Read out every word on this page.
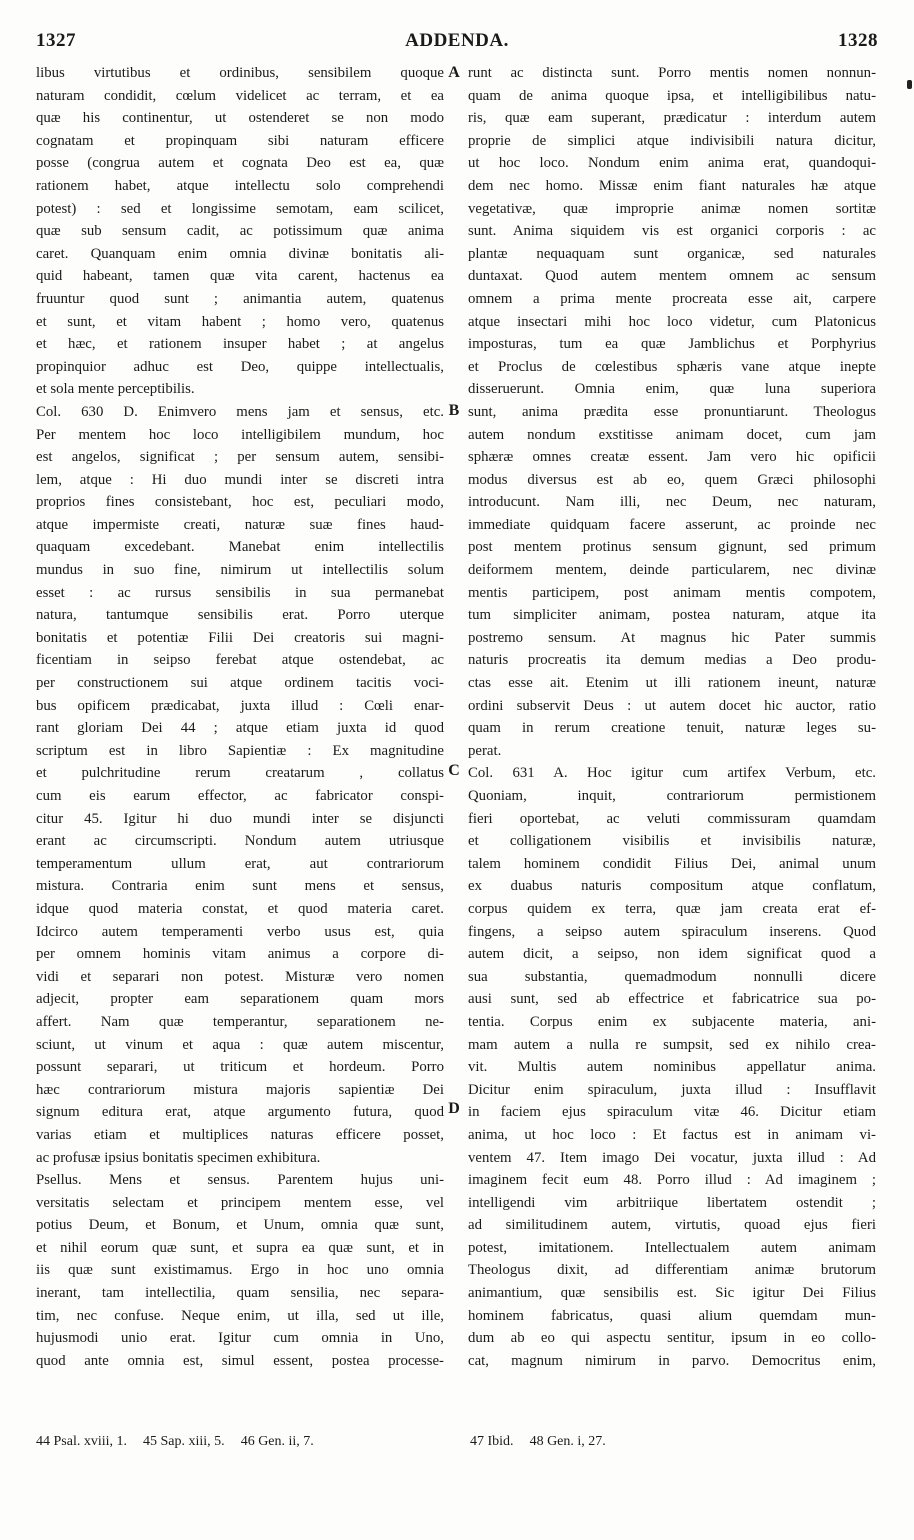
1327	ADDENDA.	1328
A
B
C
D
libus virtutibus et ordinibus, sensibilem quoque
naturam condidit, cœlum videlicet ac terram, et ea
quæ his continentur, ut ostenderet se non modo
cognatam et propinquam sibi naturam efficere
posse (congrua autem et cognata Deo est ea, quæ
rationem habet, atque intellectu solo comprehendi
potest) : sed et longissime semotam, eam scilicet,
quæ sub sensum cadit, ac potissimum quæ anima
caret. Quanquam enim omnia divinæ bonitatis ali-
quid habeant, tamen quæ vita carent, hactenus ea
fruuntur quod sunt ; animantia autem, quatenus
et sunt, et vitam habent ; homo vero, quatenus
et hæc, et rationem insuper habet ; at angelus
propinquior adhuc est Deo, quippe intellectualis,
et sola mente perceptibilis.
Col. 630 D. Enimvero mens jam et sensus, etc.
Per mentem hoc loco intelligibilem mundum, hoc
est angelos, significat ; per sensum autem, sensibi-
lem, atque : Hi duo mundi inter se discreti intra
proprios fines consistebant, hoc est, peculiari modo,
atque impermiste creati, naturæ suæ fines haud-
quaquam excedebant. Manebat enim intellectilis
mundus in suo fine, nimirum ut intellectilis solum
esset : ac rursus sensibilis in sua permanebat
natura, tantumque sensibilis erat. Porro uterque
bonitatis et potentiæ Filii Dei creatoris sui magni-
ficentiam in seipso ferebat atque ostendebat, ac
per constructionem sui atque ordinem tacitis voci-
bus opificem prædicabat, juxta illud : Cœli enar-
rant gloriam Dei 44 ; atque etiam juxta id quod
scriptum est in libro Sapientiæ : Ex magnitudine
et pulchritudine rerum creatarum , collatus
cum eis earum effector, ac fabricator conspi-
citur 45. Igitur hi duo mundi inter se disjuncti
erant ac circumscripti. Nondum autem utriusque
temperamentum ullum erat, aut contrariorum
mistura. Contraria enim sunt mens et sensus,
idque quod materia constat, et quod materia caret.
Idcirco autem temperamenti verbo usus est, quia
per omnem hominis vitam animus a corpore di-
vidi et separari non potest. Misturæ vero nomen
adjecit, propter eam separationem quam mors
affert. Nam quæ temperantur, separationem ne-
sciunt, ut vinum et aqua : quæ autem miscentur,
possunt separari, ut triticum et hordeum. Porro
hæc contrariorum mistura majoris sapientiæ Dei
signum editura erat, atque argumento futura, quod
varias etiam et multiplices naturas efficere posset,
ac profusæ ipsius bonitatis specimen exhibitura.
Psellus. Mens et sensus. Parentem hujus uni-
versitatis selectam et principem mentem esse, vel
potius Deum, et Bonum, et Unum, omnia quæ sunt,
et nihil eorum quæ sunt, et supra ea quæ sunt, et in
iis quæ sunt existimamus. Ergo in hoc uno omnia
inerant, tam intellectilia, quam sensilia, nec separa-
tim, nec confuse. Neque enim, ut illa, sed ut ille,
hujusmodi unio erat. Igitur cum omnia in Uno,
quod ante omnia est, simul essent, postea processe-
runt ac distincta sunt. Porro mentis nomen nonnun-
quam de anima quoque ipsa, et intelligibilibus natu-
ris, quæ eam superant, prædicatur : interdum autem
proprie de simplici atque indivisibili natura dicitur,
ut hoc loco. Nondum enim anima erat, quandoqui-
dem nec homo. Missæ enim fiant naturales hæ atque
vegetativæ, quæ improprie animæ nomen sortitæ
sunt. Anima siquidem vis est organici corporis : ac
plantæ nequaquam sunt organicæ, sed naturales
duntaxat. Quod autem mentem omnem ac sensum
omnem a prima mente procreata esse ait, carpere
atque insectari mihi hoc loco videtur, cum Platonicus
imposturas, tum ea quæ Jamblichus et Porphyrius
et Proclus de cœlestibus sphæris vane atque inepte
disseruerunt. Omnia enim, quæ luna superiora
sunt, anima prædita esse pronuntiarunt. Theologus
autem nondum exstitisse animam docet, cum jam
sphæræ omnes creatæ essent. Jam vero hic opificii
modus diversus est ab eo, quem Græci philosophi
introducunt. Nam illi, nec Deum, nec naturam,
immediate quidquam facere asserunt, ac proinde nec
post mentem protinus sensum gignunt, sed primum
deiformem mentem, deinde particularem, nec divinæ
mentis participem, post animam mentis compotem,
tum simpliciter animam, postea naturam, atque ita
postremo sensum. At magnus hic Pater summis
naturis procreatis ita demum medias a Deo produ-
ctas esse ait. Etenim ut illi rationem ineunt, naturæ
ordini subservit Deus : ut autem docet hic auctor, ratio
quam in rerum creatione tenuit, naturæ leges su-
perat.
Col. 631 A. Hoc igitur cum artifex Verbum, etc.
Quoniam, inquit, contrariorum permistionem
fieri oportebat, ac veluti commissuram quamdam
et colligationem visibilis et invisibilis naturæ,
talem hominem condidit Filius Dei, animal unum
ex duabus naturis compositum atque conflatum,
corpus quidem ex terra, quæ jam creata erat ef-
fingens, a seipso autem spiraculum inserens. Quod
autem dicit, a seipso, non idem significat quod a
sua substantia, quemadmodum nonnulli dicere
ausi sunt, sed ab effectrice et fabricatrice sua po-
tentia. Corpus enim ex subjacente materia, ani-
mam autem a nulla re sumpsit, sed ex nihilo crea-
vit. Multis autem nominibus appellatur anima.
Dicitur enim spiraculum, juxta illud : Insufflavit
in faciem ejus spiraculum vitæ 46. Dicitur etiam
anima, ut hoc loco : Et factus est in animam vi-
ventem 47. Item imago Dei vocatur, juxta illud : Ad
imaginem fecit eum 48. Porro illud : Ad imaginem ;
intelligendi vim arbitriique libertatem ostendit ;
ad similitudinem autem, virtutis, quoad ejus fieri
potest, imitationem. Intellectualem autem animam
Theologus dixit, ad differentiam animæ brutorum
animantium, quæ sensibilis est. Sic igitur Dei Filius
hominem fabricatus, quasi alium quemdam mun-
dum ab eo qui aspectu sentitur, ipsum in eo collo-
cat, magnum nimirum in parvo. Democritus enim,
44 Psal. xviii, 1. 45 Sap. xiii, 5. 46 Gen. ii, 7.	47 Ibid. 48 Gen. i, 27.
